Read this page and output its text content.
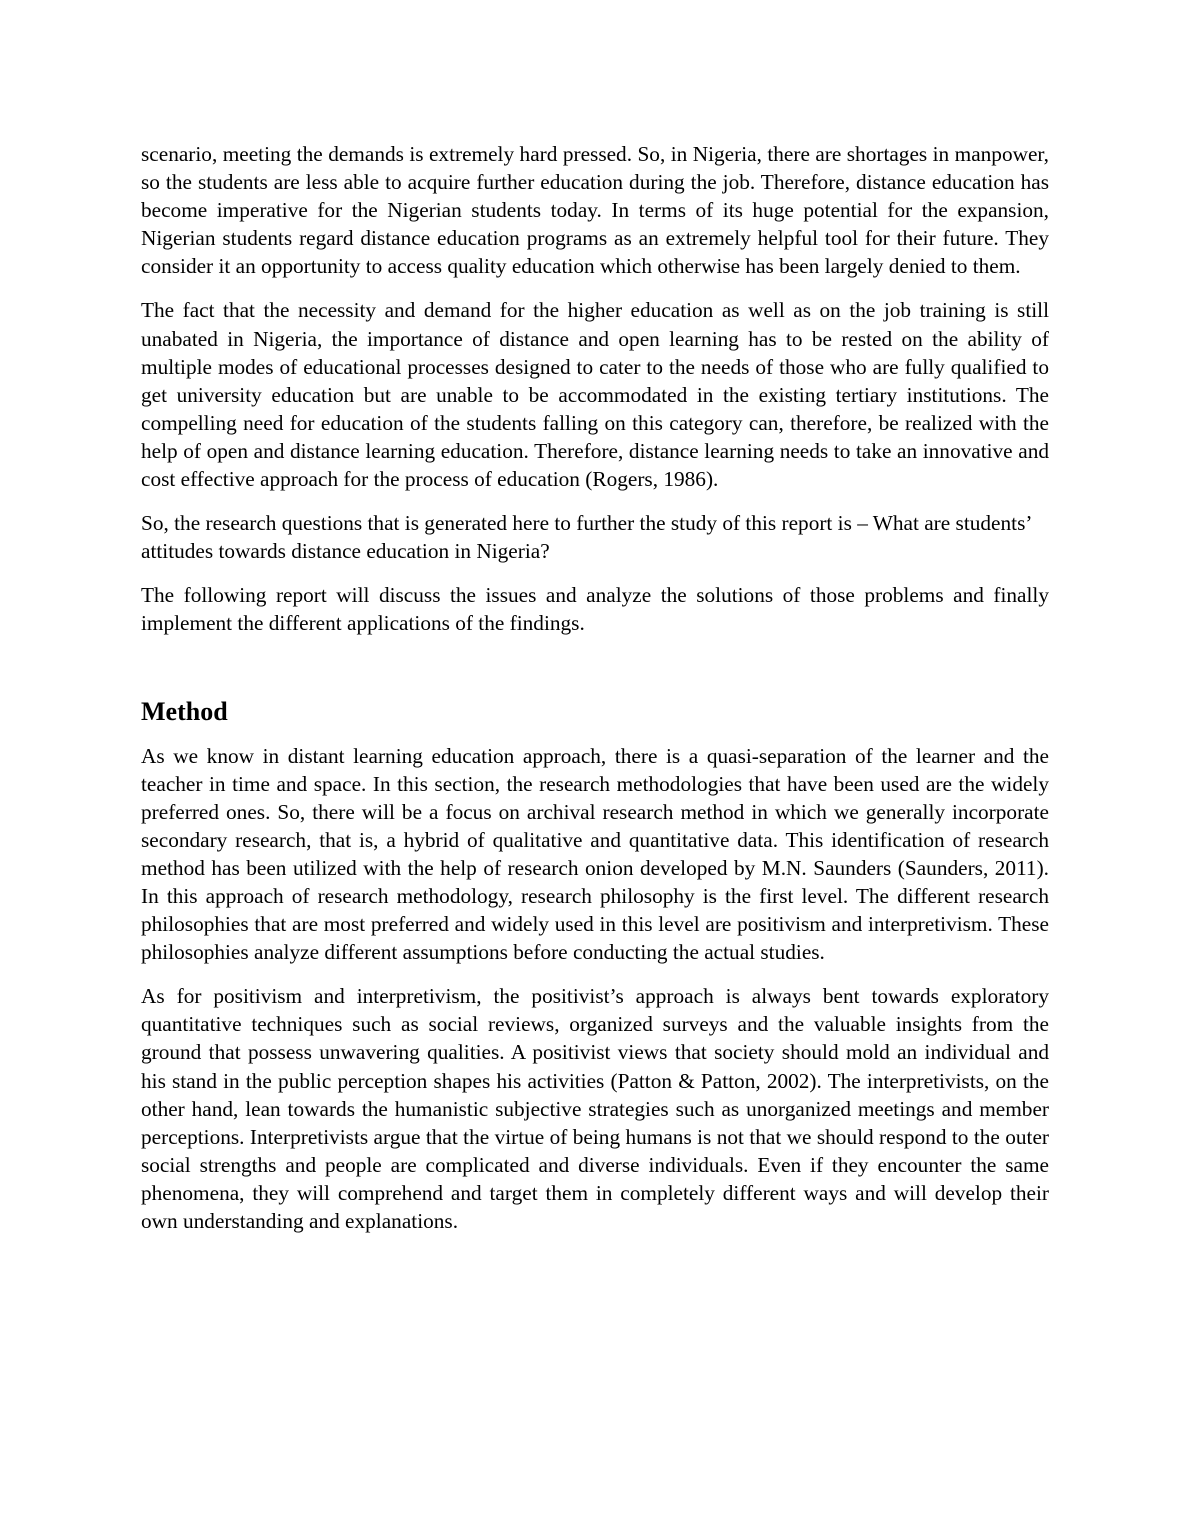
scenario, meeting the demands is extremely hard pressed. So, in Nigeria, there are shortages in manpower, so the students are less able to acquire further education during the job. Therefore, distance education has become imperative for the Nigerian students today. In terms of its huge potential for the expansion, Nigerian students regard distance education programs as an extremely helpful tool for their future. They consider it an opportunity to access quality education which otherwise has been largely denied to them.

The fact that the necessity and demand for the higher education as well as on the job training is still unabated in Nigeria, the importance of distance and open learning has to be rested on the ability of multiple modes of educational processes designed to cater to the needs of those who are fully qualified to get university education but are unable to be accommodated in the existing tertiary institutions. The compelling need for education of the students falling on this category can, therefore, be realized with the help of open and distance learning education. Therefore, distance learning needs to take an innovative and cost effective approach for the process of education (Rogers, 1986).

So, the research questions that is generated here to further the study of this report is – What are students’ attitudes towards distance education in Nigeria?

The following report will discuss the issues and analyze the solutions of those problems and finally implement the different applications of the findings.

Method

As we know in distant learning education approach, there is a quasi-separation of the learner and the teacher in time and space. In this section, the research methodologies that have been used are the widely preferred ones. So, there will be a focus on archival research method in which we generally incorporate secondary research, that is, a hybrid of qualitative and quantitative data. This identification of research method has been utilized with the help of research onion developed by M.N. Saunders (Saunders, 2011). In this approach of research methodology, research philosophy is the first level. The different research philosophies that are most preferred and widely used in this level are positivism and interpretivism. These philosophies analyze different assumptions before conducting the actual studies.

As for positivism and interpretivism, the positivist’s approach is always bent towards exploratory quantitative techniques such as social reviews, organized surveys and the valuable insights from the ground that possess unwavering qualities. A positivist views that society should mold an individual and his stand in the public perception shapes his activities (Patton & Patton, 2002). The interpretivists, on the other hand, lean towards the humanistic subjective strategies such as unorganized meetings and member perceptions. Interpretivists argue that the virtue of being humans is not that we should respond to the outer social strengths and people are complicated and diverse individuals. Even if they encounter the same phenomena, they will comprehend and target them in completely different ways and will develop their own understanding and explanations.
